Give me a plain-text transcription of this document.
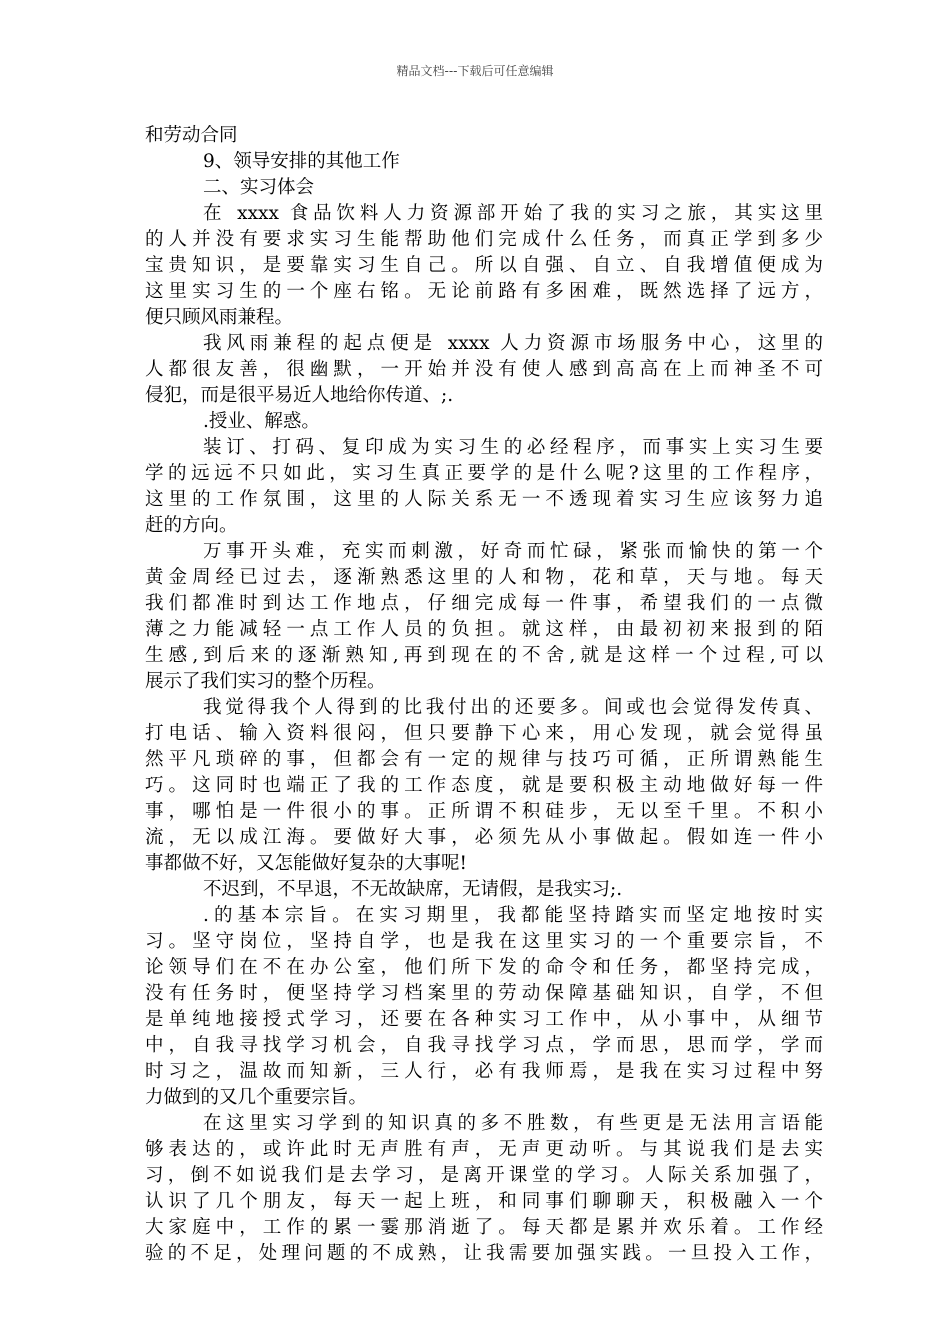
精品文档---下载后可任意编辑
和劳动合同
9、领导安排的其他工作
二、实习体会
在 xxxx 食品饮料人力资源部开始了我的实习之旅，其实这里
的人并没有要求实习生能帮助他们完成什么任务，而真正学到多少
宝贵知识，是要靠实习生自己。所以自强、自立、自我增值便成为
这里实习生的一个座右铭。无论前路有多困难，既然选择了远方，
便只顾风雨兼程。
我风雨兼程的起点便是 xxxx 人力资源市场服务中心，这里的
人都很友善，很幽默，一开始并没有使人感到高高在上而神圣不可
侵犯，而是很平易近人地给你传道、;.
.授业、解惑。
装订、打码、复印成为实习生的必经程序，而事实上实习生要
学的远远不只如此，实习生真正要学的是什么呢?这里的工作程序，
这里的工作氛围，这里的人际关系无一不透现着实习生应该努力追
赶的方向。
万事开头难，充实而刺激，好奇而忙碌，紧张而愉快的第一个
黄金周经已过去，逐渐熟悉这里的人和物，花和草，天与地。每天
我们都准时到达工作地点，仔细完成每一件事，希望我们的一点微
薄之力能减轻一点工作人员的负担。就这样，由最初初来报到的陌
生感,到后来的逐渐熟知,再到现在的不舍,就是这样一个过程,可以
展示了我们实习的整个历程。
我觉得我个人得到的比我付出的还要多。间或也会觉得发传真、
打电话、输入资料很闷，但只要静下心来，用心发现，就会觉得虽
然平凡琐碎的事，但都会有一定的规律与技巧可循，正所谓熟能生
巧。这同时也端正了我的工作态度，就是要积极主动地做好每一件
事，哪怕是一件很小的事。正所谓不积硅步，无以至千里。不积小
流，无以成江海。要做好大事，必须先从小事做起。假如连一件小
事都做不好，又怎能做好复杂的大事呢!
不迟到，不早退，不无故缺席，无请假，是我实习;.
.的基本宗旨。在实习期里，我都能坚持踏实而坚定地按时实
习。坚守岗位，坚持自学，也是我在这里实习的一个重要宗旨，不
论领导们在不在办公室，他们所下发的命令和任务，都坚持完成，
没有任务时，便坚持学习档案里的劳动保障基础知识，自学，不但
是单纯地接授式学习，还要在各种实习工作中，从小事中，从细节
中，自我寻找学习机会，自我寻找学习点，学而思，思而学，学而
时习之，温故而知新，三人行，必有我师焉，是我在实习过程中努
力做到的又几个重要宗旨。
在这里实习学到的知识真的多不胜数，有些更是无法用言语能
够表达的，或许此时无声胜有声，无声更动听。与其说我们是去实
习，倒不如说我们是去学习，是离开课堂的学习。人际关系加强了，
认识了几个朋友，每天一起上班，和同事们聊聊天，积极融入一个
大家庭中，工作的累一霎那消逝了。每天都是累并欢乐着。工作经
验的不足，处理问题的不成熟，让我需要加强实践。一旦投入工作，
